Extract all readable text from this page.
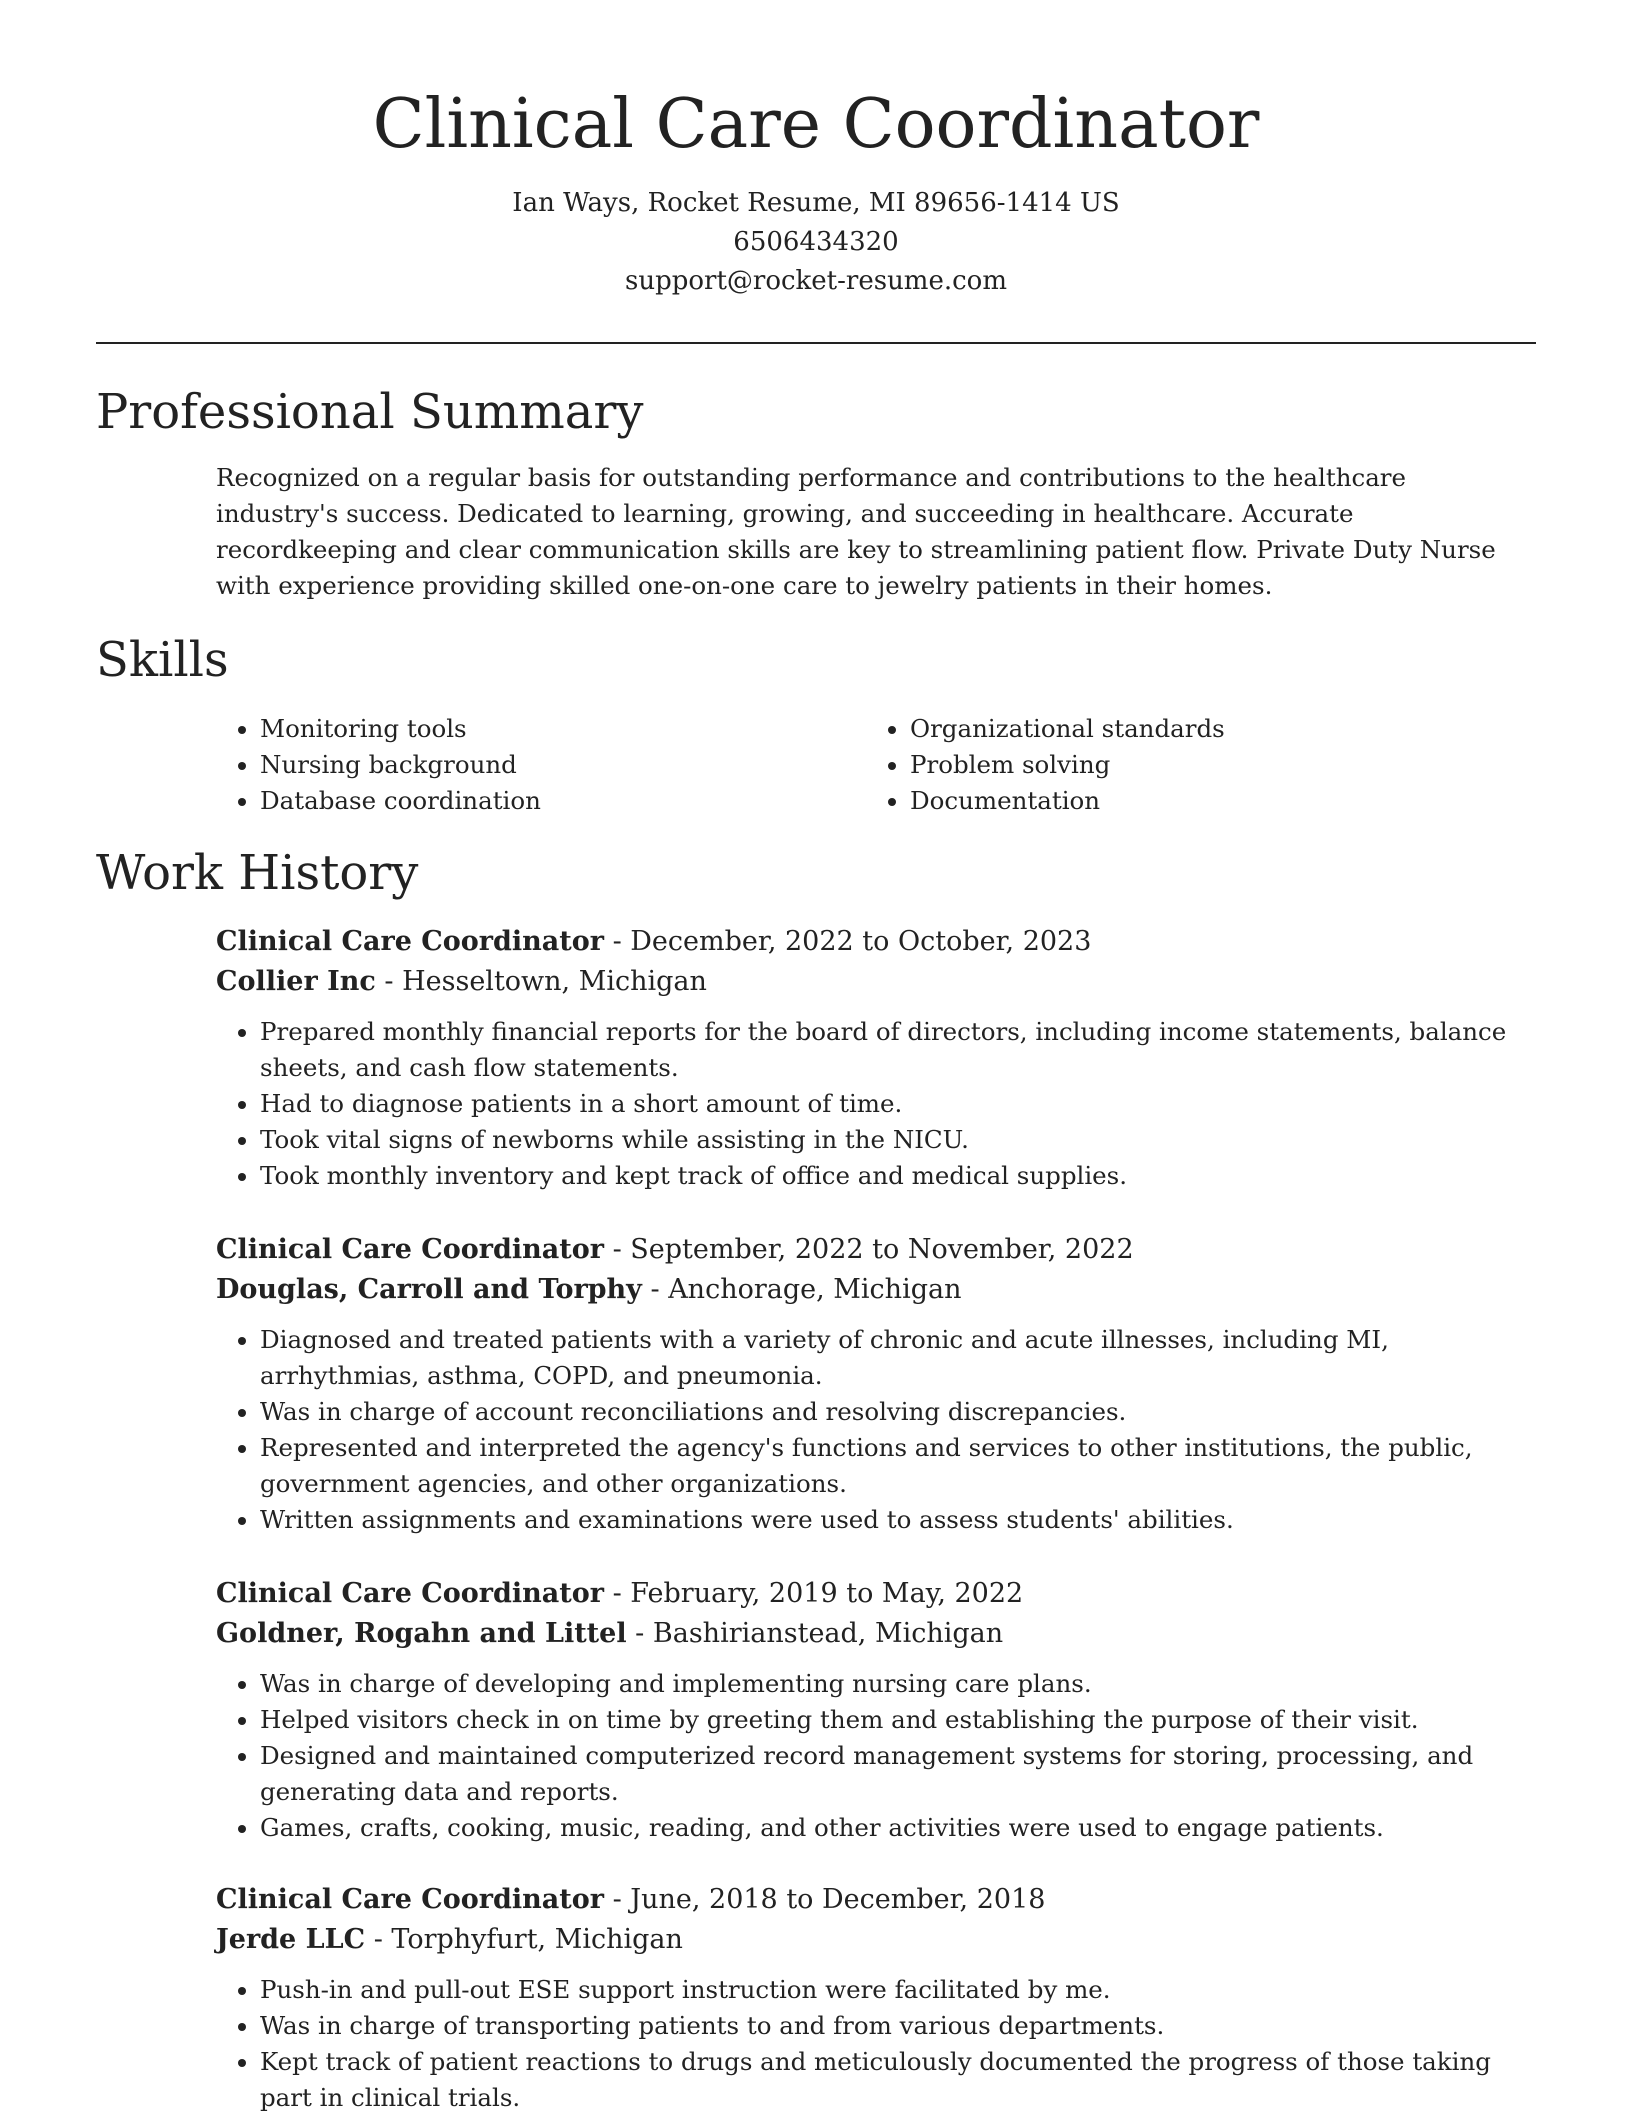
Clinical Care Coordinator
Ian Ways, Rocket Resume, MI 89656-1414 US
6506434320
support@rocket-resume.com
Professional Summary
Recognized on a regular basis for outstanding performance and contributions to the healthcare industry's success. Dedicated to learning, growing, and succeeding in healthcare. Accurate recordkeeping and clear communication skills are key to streamlining patient flow. Private Duty Nurse with experience providing skilled one-on-one care to jewelry patients in their homes.
Skills
• Monitoring tools
• Nursing background
• Database coordination
• Organizational standards
• Problem solving
• Documentation
Work History
Clinical Care Coordinator - December, 2022 to October, 2023
Collier Inc - Hesseltown, Michigan
• Prepared monthly financial reports for the board of directors, including income statements, balance sheets, and cash flow statements.
• Had to diagnose patients in a short amount of time.
• Took vital signs of newborns while assisting in the NICU.
• Took monthly inventory and kept track of office and medical supplies.
Clinical Care Coordinator - September, 2022 to November, 2022
Douglas, Carroll and Torphy - Anchorage, Michigan
• Diagnosed and treated patients with a variety of chronic and acute illnesses, including MI, arrhythmias, asthma, COPD, and pneumonia.
• Was in charge of account reconciliations and resolving discrepancies.
• Represented and interpreted the agency's functions and services to other institutions, the public, government agencies, and other organizations.
• Written assignments and examinations were used to assess students' abilities.
Clinical Care Coordinator - February, 2019 to May, 2022
Goldner, Rogahn and Littel - Bashirianstead, Michigan
• Was in charge of developing and implementing nursing care plans.
• Helped visitors check in on time by greeting them and establishing the purpose of their visit.
• Designed and maintained computerized record management systems for storing, processing, and generating data and reports.
• Games, crafts, cooking, music, reading, and other activities were used to engage patients.
Clinical Care Coordinator - June, 2018 to December, 2018
Jerde LLC - Torphyfurt, Michigan
• Push-in and pull-out ESE support instruction were facilitated by me.
• Was in charge of transporting patients to and from various departments.
• Kept track of patient reactions to drugs and meticulously documented the progress of those taking part in clinical trials.
